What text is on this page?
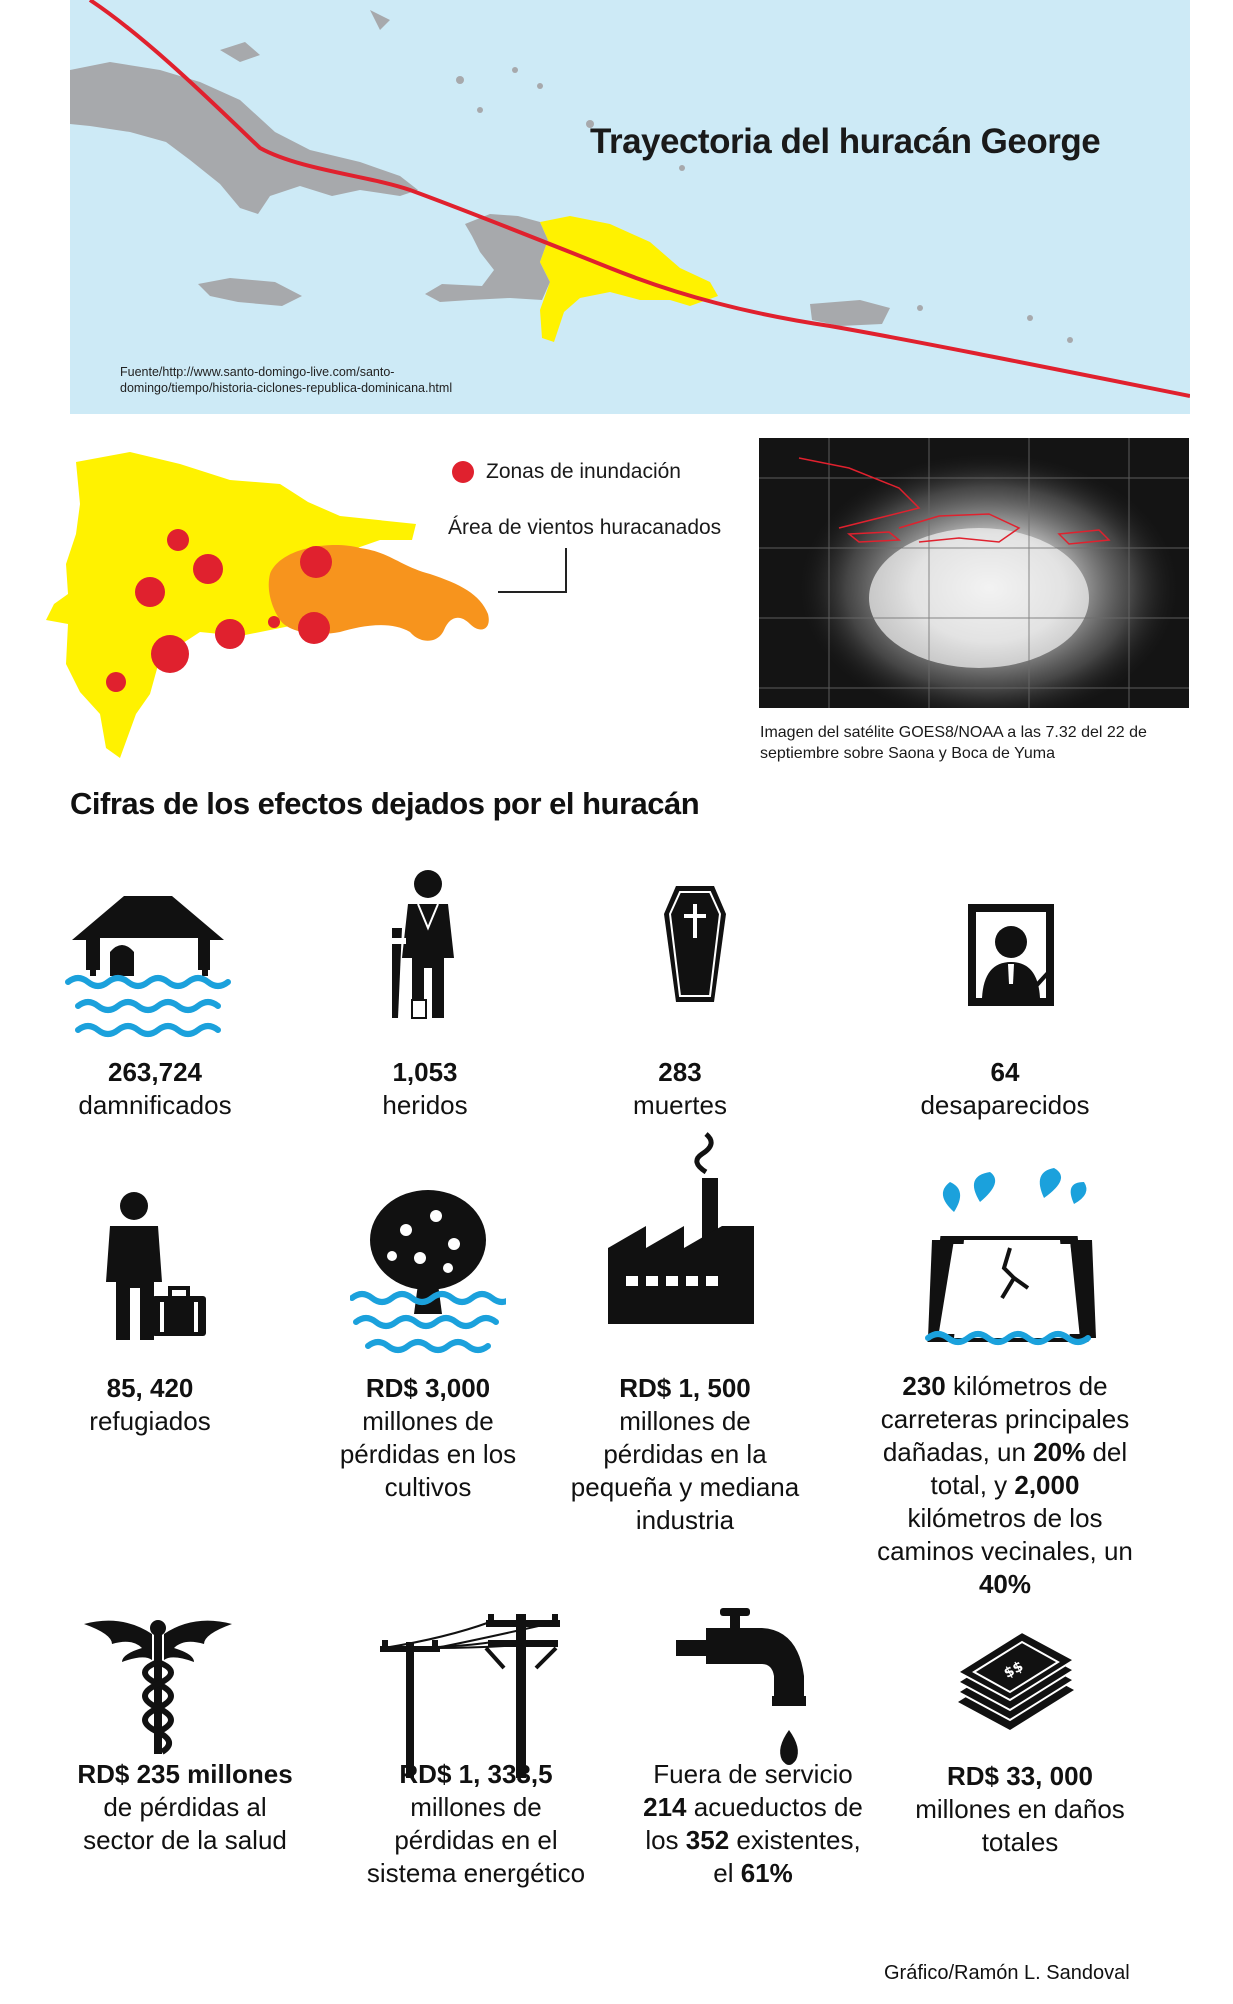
Trayectoria del huracán George
Fuente/http://www.santo-domingo-live.com/santo-
domingo/tiempo/historia-ciclones-republica-dominicana.html
Zonas de inundación
Área de vientos huracanados
Imagen del satélite GOES8/NOAA a las 7.32 del 22 de septiembre sobre Saona y Boca de Yuma
Cifras de los efectos dejados por el huracán
263,724
damnificados
1,053
heridos
283
muertes
64
desaparecidos
85, 420
refugiados
RD$ 3,000
millones de
pérdidas en los
cultivos
RD$ 1, 500
millones de
pérdidas en la
pequeña y mediana
industria
230 kilómetros de
carreteras principales
dañadas, un 20% del
total, y 2,000
kilómetros de los
caminos vecinales, un
40%
$$
RD$ 235 millones
de pérdidas al
sector de la salud
RD$ 1, 333,5
millones de
pérdidas en el
sistema energético
Fuera de servicio
214 acueductos de
los 352 existentes,
el 61%
RD$ 33, 000
millones en daños
totales
Gráfico/Ramón L. Sandoval
